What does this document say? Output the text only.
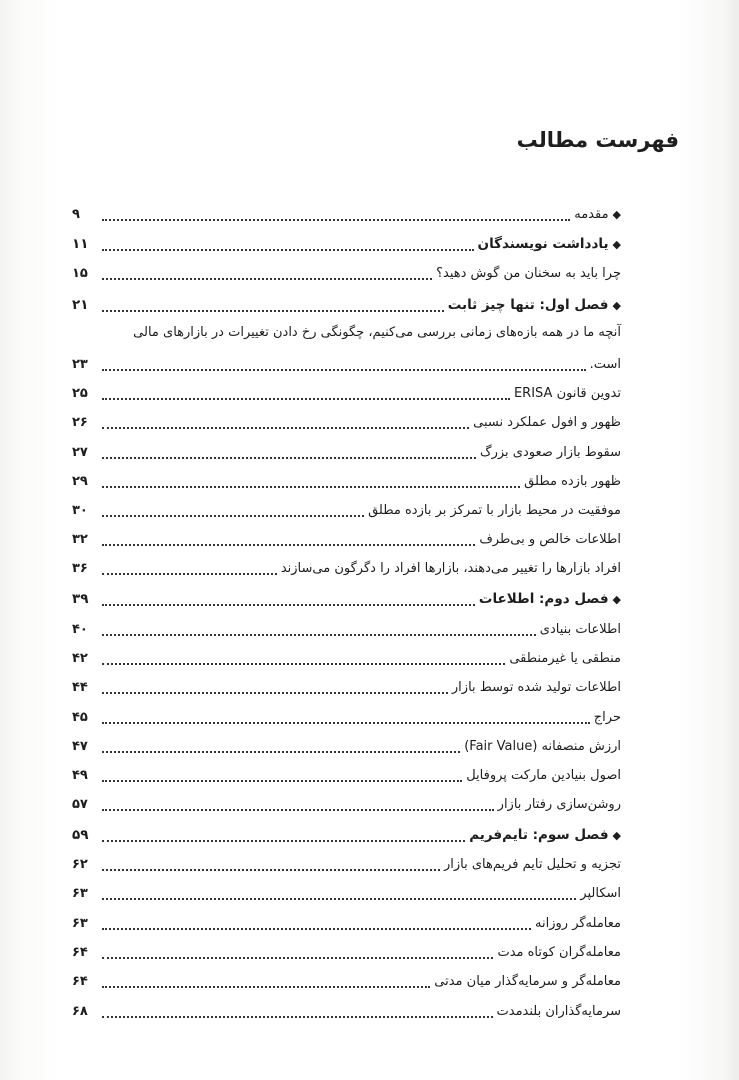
فهرست مطالب
◆
مقدمه
۹
◆
یادداشت نویسندگان
۱۱
چرا باید به سخنان من گوش دهید؟
۱۵
◆
فصل اول: تنها چیز ثابت
۲۱
آنچه ما در همه بازه‌های زمانی بررسی می‌کنیم، چگونگی رخ دادن تغییرات در بازارهای مالی
است.
۲۳
تدوین قانون ERISA
۲۵
ظهور و افول عملکرد نسبی
۲۶
سقوط بازار صعودی بزرگ
۲۷
ظهور بازده مطلق
۲۹
موفقیت در محیط بازار با تمرکز بر بازده مطلق
۳۰
اطلاعات خالص و بی‌طرف
۳۲
افراد بازارها را تغییر می‌دهند، بازارها افراد را دگرگون می‌سازند
۳۶
◆
فصل دوم: اطلاعات
۳۹
اطلاعات بنیادی
۴۰
منطقی یا غیرمنطقی
۴۲
اطلاعات تولید شده توسط بازار
۴۴
حراج
۴۵
ارزش منصفانه (Fair Value)
۴۷
اصول بنیادین مارکت پروفایل
۴۹
روشن‌سازی رفتار بازار
۵۷
◆
فصل سوم: تایم‌فریم
۵۹
تجزیه و تحلیل تایم فریم‌های بازار
۶۲
اسکالپر
۶۳
معامله‌گر روزانه
۶۳
معامله‌گران کوتاه مدت
۶۴
معامله‌گر و سرمایه‌گذار میان مدتی
۶۴
سرمایه‌گذاران بلندمدت
۶۸
